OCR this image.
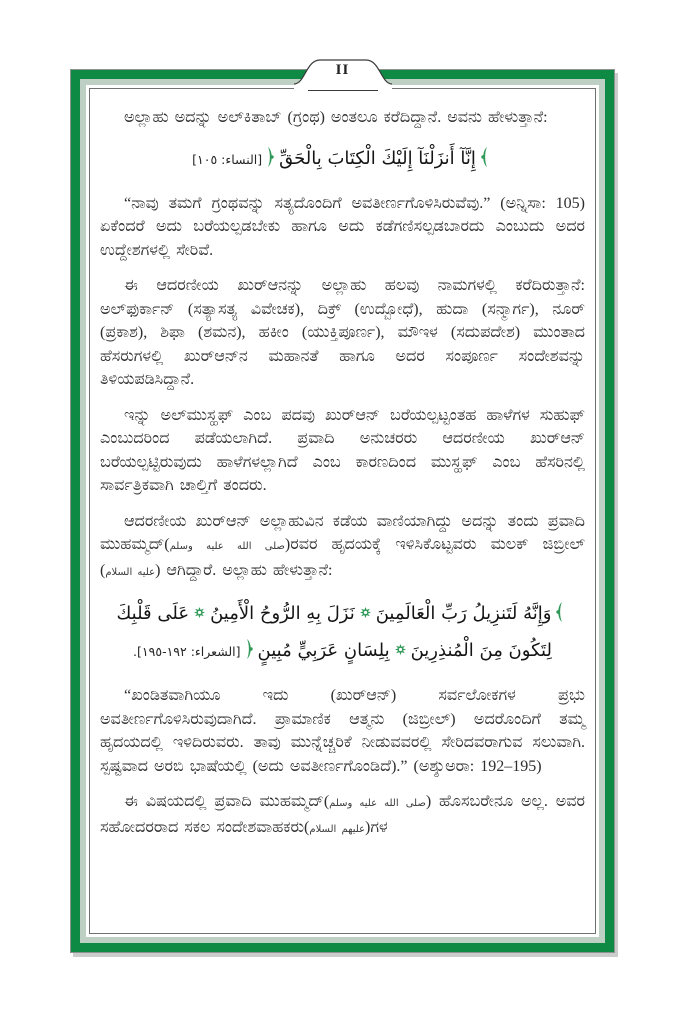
II

ಅಲ್ಲಾಹು ಅದನ್ನು ಅಲ್‌ಕಿತಾಬ್ (ಗ್ರಂಥ) ಅಂತಲೂ ಕರೆದಿದ್ದಾನೆ. ಅವನು ಹೇಳುತ್ತಾನೆ:

إِنَّآ أَنزَلْنَآ إِلَيْكَ الْكِتَابَ بِالْحَقِّ[النساء: ١٠٥]

“ನಾವು ತಮಗೆ ಗ್ರಂಥವನ್ನು ಸತ್ಯದೊಂದಿಗೆ ಅವತೀರ್ಣಗೊಳಿಸಿರುವೆವು.” (ಅನ್ನಿಸಾ: 105) ಏಕೆಂದರೆ ಅದು ಬರೆಯಲ್ಪಡಬೇಕು ಹಾಗೂ ಅದು ಕಡೆಗಣಿಸಲ್ಪಡಬಾರದು ಎಂಬುದು ಅದರ ಉದ್ದೇಶಗಳಲ್ಲಿ ಸೇರಿವೆ.

ಈ ಆದರಣೀಯ ಖುರ್‌ಆನನ್ನು ಅಲ್ಲಾಹು ಹಲವು ನಾಮಗಳಲ್ಲಿ ಕರೆದಿರುತ್ತಾನೆ: ಅಲ್‌ಫುರ್ಕಾನ್ (ಸತ್ಯಾಸತ್ಯ ವಿವೇಚಕ), ದಿಕ್ರ್ (ಉದ್ಬೋಧೆ), ಹುದಾ (ಸನ್ಮಾರ್ಗ), ನೂರ್ (ಪ್ರಕಾಶ), ಶಿಫಾ (ಶಮನ), ಹಕೀಂ (ಯುಕ್ತಿಪೂರ್ಣ), ಮೌಇಳ (ಸದುಪದೇಶ) ಮುಂತಾದ ಹೆಸರುಗಳಲ್ಲಿ ಖುರ್‌ಆನ್‌ನ ಮಹಾನತೆ ಹಾಗೂ ಅದರ ಸಂಪೂರ್ಣ ಸಂದೇಶವನ್ನು ತಿಳಿಯಪಡಿಸಿದ್ದಾನೆ.

ಇನ್ನು ಅಲ್‌ಮುಸ್ಹಫ್ ಎಂಬ ಪದವು ಖುರ್‌ಆನ್ ಬರೆಯಲ್ಪಟ್ಟಂತಹ ಹಾಳೆಗಳ ಸುಹುಫ್ ಎಂಬುದರಿಂದ ಪಡೆಯಲಾಗಿದೆ. ಪ್ರವಾದಿ ಅನುಚರರು ಆದರಣೀಯ ಖುರ್‌ಆನ್ ಬರೆಯಲ್ಪಟ್ಟಿರುವುದು ಹಾಳೆಗಳಲ್ಲಾಗಿದೆ ಎಂಬ ಕಾರಣದಿಂದ ಮುಸ್ಹಫ್ ಎಂಬ ಹೆಸರಿನಲ್ಲಿ ಸಾರ್ವತ್ರಿಕವಾಗಿ ಚಾಲ್ತಿಗೆ ತಂದರು.

ಆದರಣೀಯ ಖುರ್‌ಆನ್ ಅಲ್ಲಾಹುವಿನ ಕಡೆಯ ವಾಣಿಯಾಗಿದ್ದು ಅದನ್ನು ತಂದು ಪ್ರವಾದಿ ಮುಹಮ್ಮದ್(صلى الله عليه وسلم)ರವರ ಹೃದಯಕ್ಕೆ ಇಳಿಸಿಕೊಟ್ಟವರು ಮಲಕ್ ಜಿಬ್ರೀಲ್ (عليه السلام) ಆಗಿದ್ದಾರೆ. ಅಲ್ಲಾಹು ಹೇಳುತ್ತಾನೆ:

وَإِنَّهُ لَتَنزِيلُ رَبِّ الْعَالَمِينَنَزَلَ بِهِ الرُّوحُ الْأَمِينُعَلَى قَلْبِكَ لِتَكُونَ مِنَ الْمُنذِرِينَبِلِسَانٍ عَرَبِيٍّ مُبِينٍ[الشعراء: ١٩٢-١٩٥].

“ಖಂಡಿತವಾಗಿಯೂ ಇದು (ಖುರ್‌ಆನ್) ಸರ್ವಲೋಕಗಳ ಪ್ರಭು ಅವತೀರ್ಣಗೊಳಿಸಿರುವುದಾಗಿದೆ. ಪ್ರಾಮಾಣಿಕ ಆತ್ಮನು (ಜಿಬ್ರೀಲ್) ಅದರೊಂದಿಗೆ ತಮ್ಮ ಹೃದಯದಲ್ಲಿ ಇಳಿದಿರುವರು. ತಾವು ಮುನ್ನೆಚ್ಚರಿಕೆ ನೀಡುವವರಲ್ಲಿ ಸೇರಿದವರಾಗುವ ಸಲುವಾಗಿ. ಸ್ಪಷ್ಟವಾದ ಅರಬಿ ಭಾಷೆಯಲ್ಲಿ (ಅದು ಅವತೀರ್ಣಗೊಂಡಿದೆ).” (ಅಶ್ಶುಅರಾ: 192–195)

ಈ ವಿಷಯದಲ್ಲಿ ಪ್ರವಾದಿ ಮುಹಮ್ಮದ್(صلى الله عليه وسلم) ಹೊಸಬರೇನೂ ಅಲ್ಲ. ಅವರ ಸಹೋದರರಾದ ಸಕಲ ಸಂದೇಶವಾಹಕರು(عليهم السلام)ಗಳ
